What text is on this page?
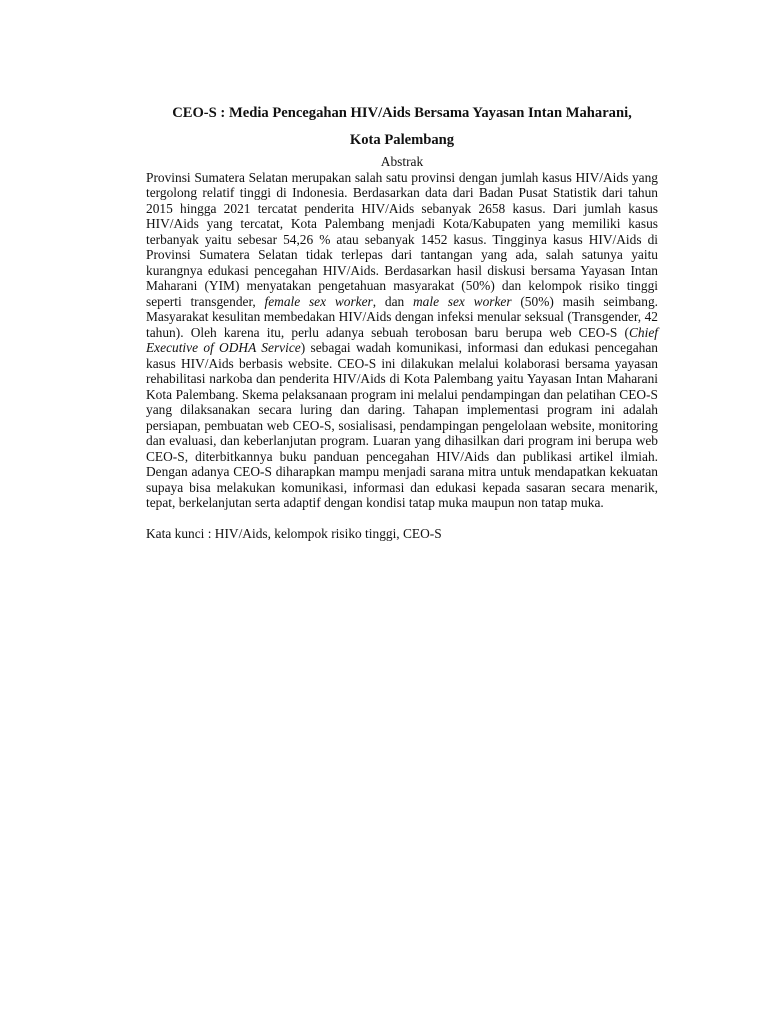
CEO-S : Media Pencegahan HIV/Aids Bersama Yayasan Intan Maharani,
Kota Palembang

Abstrak

Provinsi Sumatera Selatan merupakan salah satu provinsi dengan jumlah kasus HIV/Aids yang tergolong relatif tinggi di Indonesia. Berdasarkan data dari Badan Pusat Statistik dari tahun 2015 hingga 2021 tercatat penderita HIV/Aids sebanyak 2658 kasus. Dari jumlah kasus HIV/Aids yang tercatat, Kota Palembang menjadi Kota/Kabupaten yang memiliki kasus terbanyak yaitu sebesar 54,26 % atau sebanyak 1452 kasus. Tingginya kasus HIV/Aids di Provinsi Sumatera Selatan tidak terlepas dari tantangan yang ada, salah satunya yaitu kurangnya edukasi pencegahan HIV/Aids. Berdasarkan hasil diskusi bersama Yayasan Intan Maharani (YIM) menyatakan pengetahuan masyarakat (50%) dan kelompok risiko tinggi seperti transgender, female sex worker, dan male sex worker (50%) masih seimbang. Masyarakat kesulitan membedakan HIV/Aids dengan infeksi menular seksual (Transgender, 42 tahun). Oleh karena itu, perlu adanya sebuah terobosan baru berupa web CEO-S (Chief Executive of ODHA Service) sebagai wadah komunikasi, informasi dan edukasi pencegahan kasus HIV/Aids berbasis website. CEO-S ini dilakukan melalui kolaborasi bersama yayasan rehabilitasi narkoba dan penderita HIV/Aids di Kota Palembang yaitu Yayasan Intan Maharani Kota Palembang. Skema pelaksanaan program ini melalui pendampingan dan pelatihan CEO-S yang dilaksanakan secara luring dan daring. Tahapan implementasi program ini adalah persiapan, pembuatan web CEO-S, sosialisasi, pendampingan pengelolaan website, monitoring dan evaluasi, dan keberlanjutan program. Luaran yang dihasilkan dari program ini berupa web CEO-S, diterbitkannya buku panduan pencegahan HIV/Aids dan publikasi artikel ilmiah. Dengan adanya CEO-S diharapkan mampu menjadi sarana mitra untuk mendapatkan kekuatan supaya bisa melakukan komunikasi, informasi dan edukasi kepada sasaran secara menarik, tepat, berkelanjutan serta adaptif dengan kondisi tatap muka maupun non tatap muka.

Kata kunci : HIV/Aids, kelompok risiko tinggi, CEO-S
